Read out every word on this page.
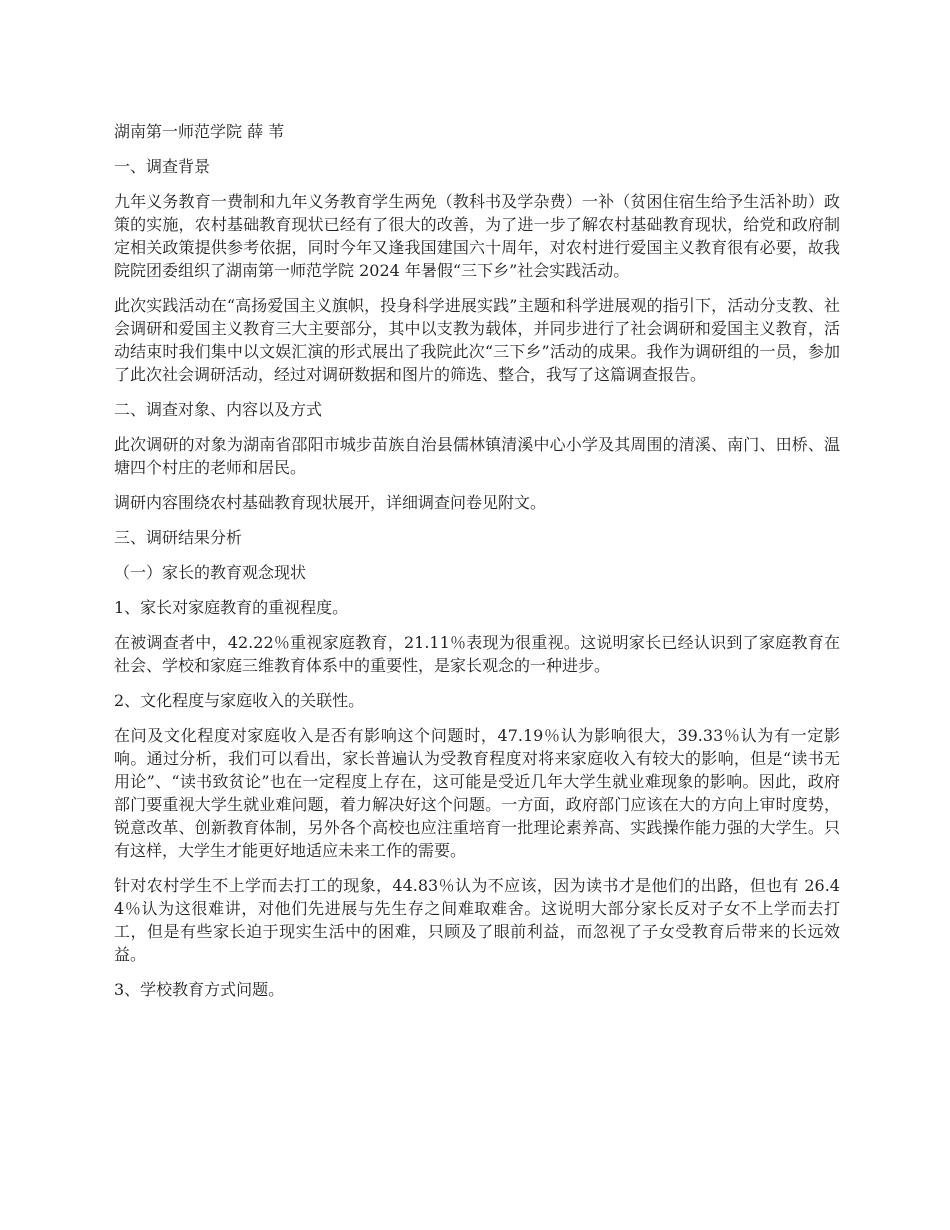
湖南第一师范学院 薛 苇

一、调查背景

九年义务教育一费制和九年义务教育学生两免（教科书及学杂费）一补（贫困住宿生给予生活补助）政策的实施，农村基础教育现状已经有了很大的改善，为了进一步了解农村基础教育现状，给党和政府制定相关政策提供参考依据，同时今年又逢我国建国六十周年，对农村进行爱国主义教育很有必要，故我院院团委组织了湖南第一师范学院 2024 年暑假“三下乡”社会实践活动。

此次实践活动在“高扬爱国主义旗帜，投身科学进展实践”主题和科学进展观的指引下，活动分支教、社会调研和爱国主义教育三大主要部分，其中以支教为载体，并同步进行了社会调研和爱国主义教育，活动结束时我们集中以文娱汇演的形式展出了我院此次“三下乡”活动的成果。我作为调研组的一员，参加了此次社会调研活动，经过对调研数据和图片的筛选、整合，我写了这篇调查报告。

二、调查对象、内容以及方式

此次调研的对象为湖南省邵阳市城步苗族自治县儒林镇清溪中心小学及其周围的清溪、南门、田桥、温塘四个村庄的老师和居民。

调研内容围绕农村基础教育现状展开，详细调查问卷见附文。

三、调研结果分析

（一）家长的教育观念现状

1、家长对家庭教育的重视程度。

在被调查者中，42.22％重视家庭教育，21.11％表现为很重视。这说明家长已经认识到了家庭教育在社会、学校和家庭三维教育体系中的重要性，是家长观念的一种进步。

2、文化程度与家庭收入的关联性。

在问及文化程度对家庭收入是否有影响这个问题时，47.19％认为影响很大，39.33％认为有一定影响。通过分析，我们可以看出，家长普遍认为受教育程度对将来家庭收入有较大的影响，但是“读书无用论”、“读书致贫论”也在一定程度上存在，这可能是受近几年大学生就业难现象的影响。因此，政府部门要重视大学生就业难问题，着力解决好这个问题。一方面，政府部门应该在大的方向上审时度势，锐意改革、创新教育体制，另外各个高校也应注重培育一批理论素养高、实践操作能力强的大学生。只有这样，大学生才能更好地适应未来工作的需要。

针对农村学生不上学而去打工的现象，44.83％认为不应该，因为读书才是他们的出路，但也有 26.44％认为这很难讲，对他们先进展与先生存之间难取难舍。这说明大部分家长反对子女不上学而去打工，但是有些家长迫于现实生活中的困难，只顾及了眼前利益，而忽视了子女受教育后带来的长远效益。

3、学校教育方式问题。
